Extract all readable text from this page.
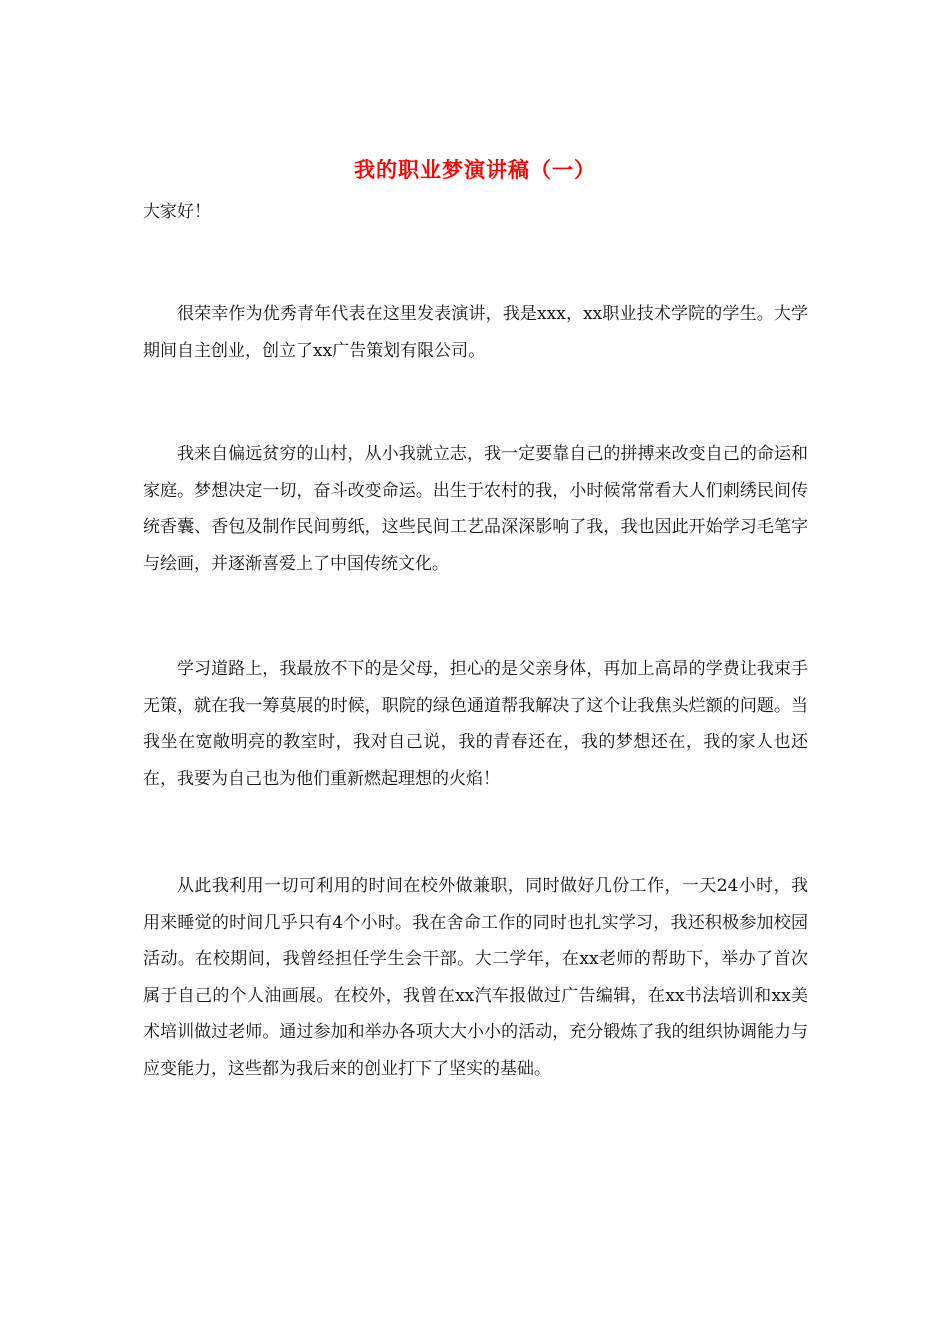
我的职业梦演讲稿（一）
大家好！

很荣幸作为优秀青年代表在这里发表演讲，我是xxx，xx职业技术学院的学生。大学期间自主创业，创立了xx广告策划有限公司。

我来自偏远贫穷的山村，从小我就立志，我一定要靠自己的拼搏来改变自己的命运和家庭。梦想决定一切，奋斗改变命运。出生于农村的我，小时候常常看大人们刺绣民间传统香囊、香包及制作民间剪纸，这些民间工艺品深深影响了我，我也因此开始学习毛笔字与绘画，并逐渐喜爱上了中国传统文化。

学习道路上，我最放不下的是父母，担心的是父亲身体，再加上高昂的学费让我束手无策，就在我一筹莫展的时候，职院的绿色通道帮我解决了这个让我焦头烂额的问题。当我坐在宽敞明亮的教室时，我对自己说，我的青春还在，我的梦想还在，我的家人也还在，我要为自己也为他们重新燃起理想的火焰！

从此我利用一切可利用的时间在校外做兼职，同时做好几份工作，一天24小时，我用来睡觉的时间几乎只有4个小时。我在舍命工作的同时也扎实学习，我还积极参加校园活动。在校期间，我曾经担任学生会干部。大二学年，在xx老师的帮助下，举办了首次属于自己的个人油画展。在校外，我曾在xx汽车报做过广告编辑，在xx书法培训和xx美术培训做过老师。通过参加和举办各项大大小小的活动，充分锻炼了我的组织协调能力与应变能力，这些都为我后来的创业打下了坚实的基础。
